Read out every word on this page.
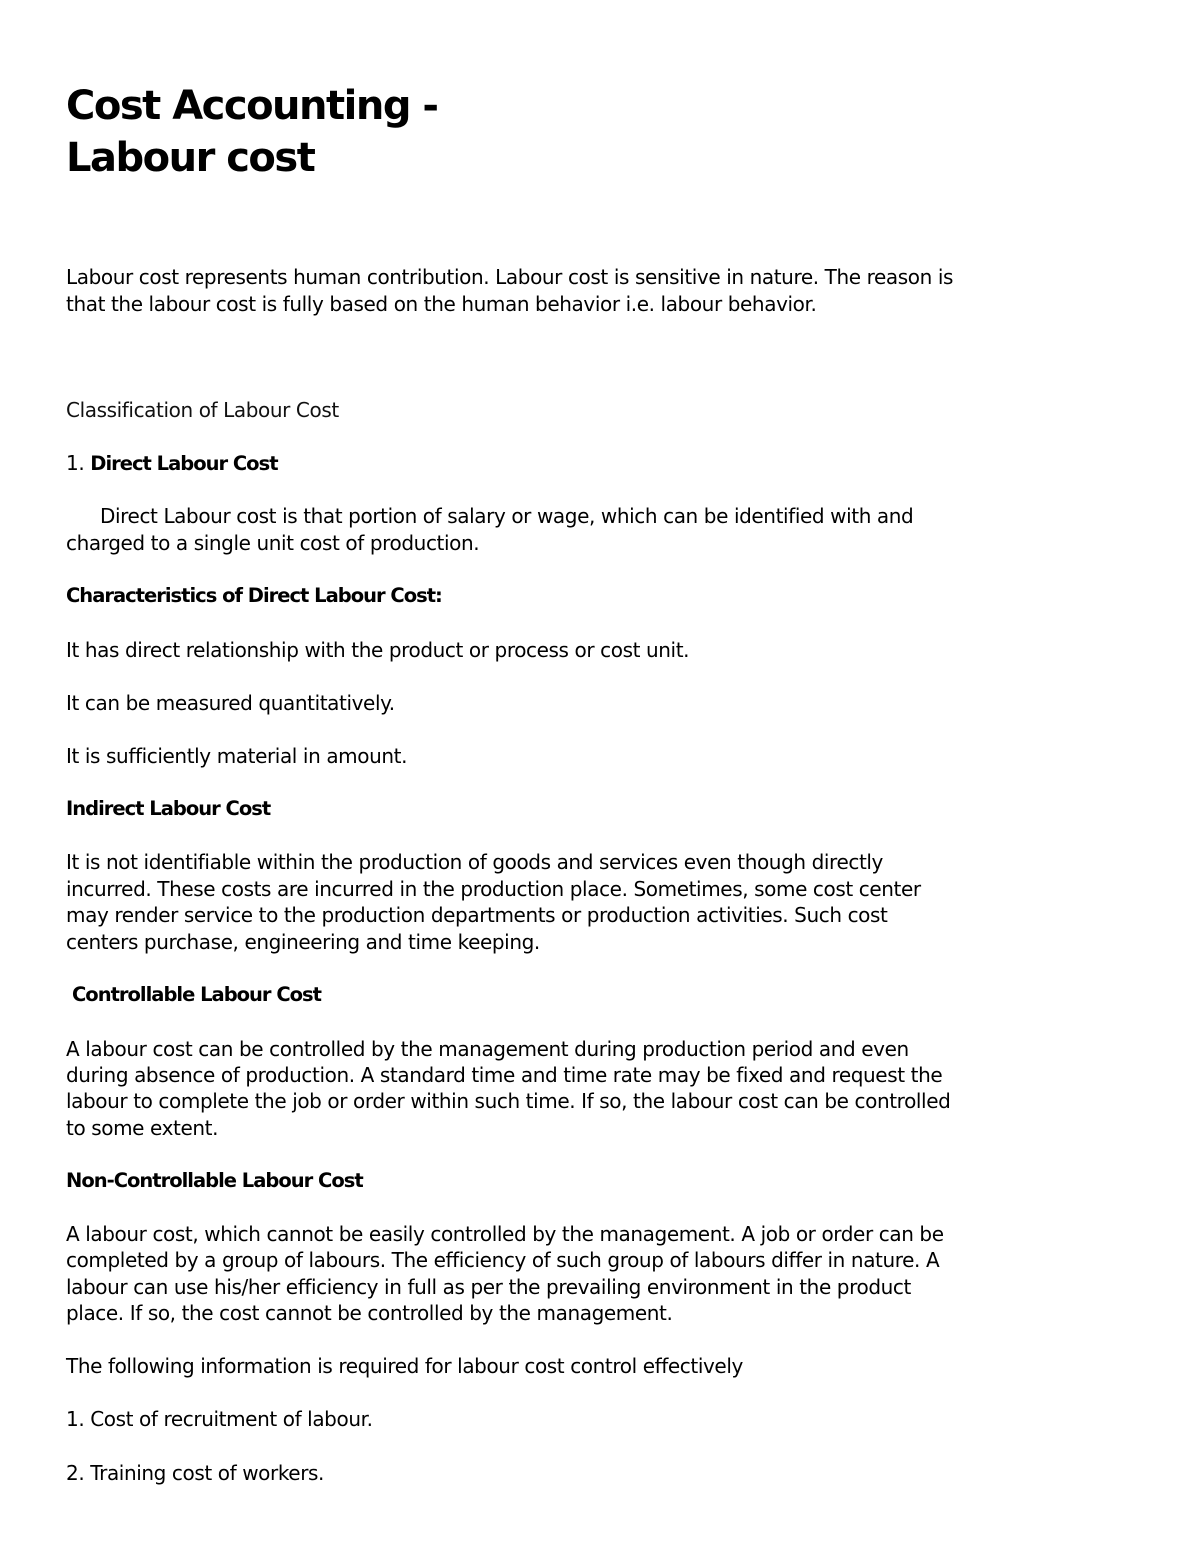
Cost Accounting -
Labour cost

Labour cost represents human contribution. Labour cost is sensitive in nature. The reason is

that the labour cost is fully based on the human behavior i.e. labour behavior.

Classification of Labour Cost

1. Direct Labour Cost

Direct Labour cost is that portion of salary or wage, which can be identified with and

charged to a single unit cost of production.

Characteristics of Direct Labour Cost:

It has direct relationship with the product or process or cost unit.

It can be measured quantitatively.

It is sufficiently material in amount.

Indirect Labour Cost

It is not identifiable within the production of goods and services even though directly

incurred. These costs are incurred in the production place. Sometimes, some cost center

may render service to the production departments or production activities. Such cost

centers purchase, engineering and time keeping.

Controllable Labour Cost

A labour cost can be controlled by the management during production period and even

during absence of production. A standard time and time rate may be fixed and request the

labour to complete the job or order within such time. If so, the labour cost can be controlled

to some extent.

Non-Controllable Labour Cost

A labour cost, which cannot be easily controlled by the management. A job or order can be

completed by a group of labours. The efficiency of such group of labours differ in nature. A

labour can use his/her efficiency in full as per the prevailing environment in the product

place. If so, the cost cannot be controlled by the management.

The following information is required for labour cost control effectively

1. Cost of recruitment of labour.

2. Training cost of workers.
